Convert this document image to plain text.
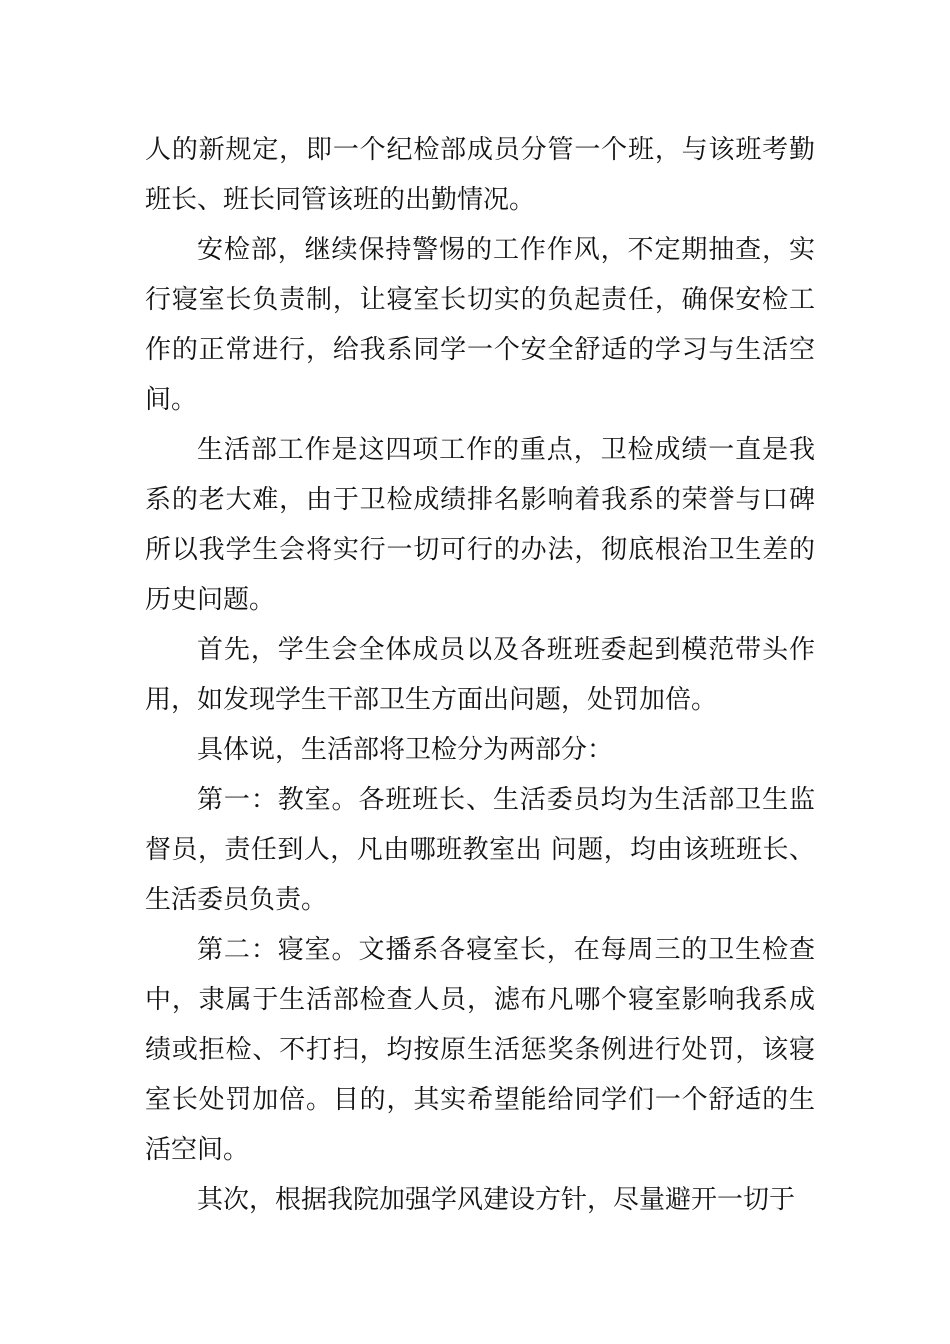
人的新规定，即一个纪检部成员分管一个班，与该班考勤班长、班长同管该班的出勤情况。

安检部，继续保持警惕的工作作风，不定期抽查，实行寝室长负责制，让寝室长切实的负起责任，确保安检工作的正常进行，给我系同学一个安全舒适的学习与生活空间。

生活部工作是这四项工作的重点，卫检成绩一直是我系的老大难，由于卫检成绩排名影响着我系的荣誉与口碑所以我学生会将实行一切可行的办法，彻底根治卫生差的历史问题。

首先，学生会全体成员以及各班班委起到模范带头作用，如发现学生干部卫生方面出问题，处罚加倍。

具体说，生活部将卫检分为两部分：

第一：教室。各班班长、生活委员均为生活部卫生监督员，责任到人，凡由哪班教室出 问题，均由该班班长、生活委员负责。

第二：寝室。文播系各寝室长，在每周三的卫生检查中，隶属于生活部检查人员，滤布凡哪个寝室影响我系成绩或拒检、不打扫，均按原生活惩奖条例进行处罚，该寝室长处罚加倍。目的，其实希望能给同学们一个舒适的生活空间。

其次，根据我院加强学风建设方针，尽量避开一切于
